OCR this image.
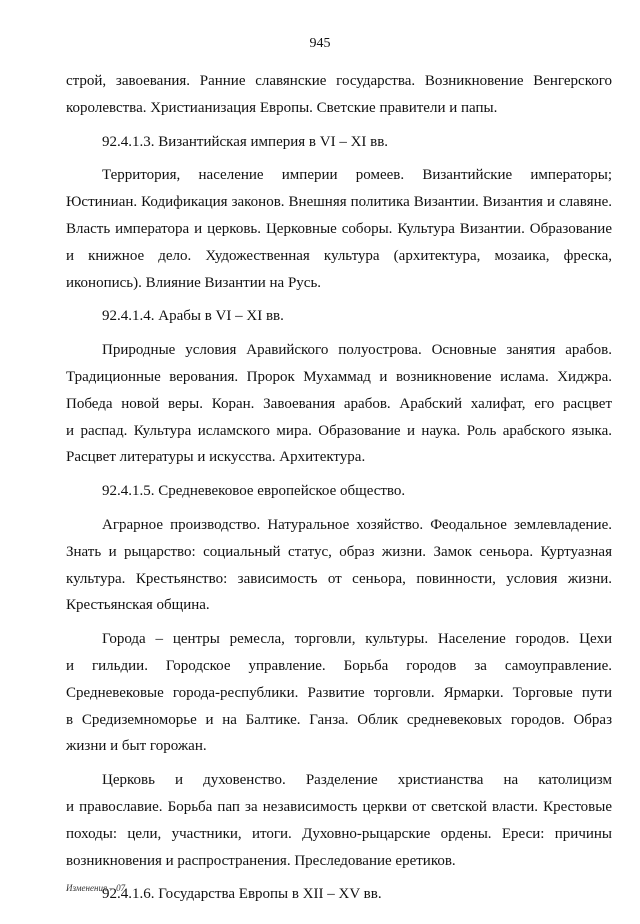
945
строй, завоевания. Ранние славянские государства. Возникновение Венгерского
королевства. Христианизация Европы. Светские правители и папы.
92.4.1.3. Византийская империя в VI – XI вв.
Территория, население империи ромеев. Византийские императоры;
Юстиниан. Кодификация законов. Внешняя политика Византии. Византия и славяне.
Власть императора и церковь. Церковные соборы. Культура Византии. Образование
и книжное дело. Художественная культура (архитектура, мозаика, фреска,
иконопись). Влияние Византии на Русь.
92.4.1.4. Арабы в VI – XI вв.
Природные условия Аравийского полуострова. Основные занятия арабов.
Традиционные верования. Пророк Мухаммад и возникновение ислама. Хиджра.
Победа новой веры. Коран. Завоевания арабов. Арабский халифат, его расцвет
и распад. Культура исламского мира. Образование и наука. Роль арабского языка.
Расцвет литературы и искусства. Архитектура.
92.4.1.5. Средневековое европейское общество.
Аграрное производство. Натуральное хозяйство. Феодальное землевладение.
Знать и рыцарство: социальный статус, образ жизни. Замок сеньора. Куртуазная
культура. Крестьянство: зависимость от сеньора, повинности, условия жизни.
Крестьянская община.
Города – центры ремесла, торговли, культуры. Население городов. Цехи
и гильдии. Городское управление. Борьба городов за самоуправление.
Средневековые города-республики. Развитие торговли. Ярмарки. Торговые пути
в Средиземноморье и на Балтике. Ганза. Облик средневековых городов. Образ
жизни и быт горожан.
Церковь и духовенство. Разделение христианства на католицизм
и православие. Борьба пап за независимость церкви от светской власти. Крестовые
походы: цели, участники, итоги. Духовно-рыцарские ордены. Ереси: причины
возникновения и распространения. Преследование еретиков.
92.4.1.6. Государства Европы в XII – XV вв.
Изменения – 07
